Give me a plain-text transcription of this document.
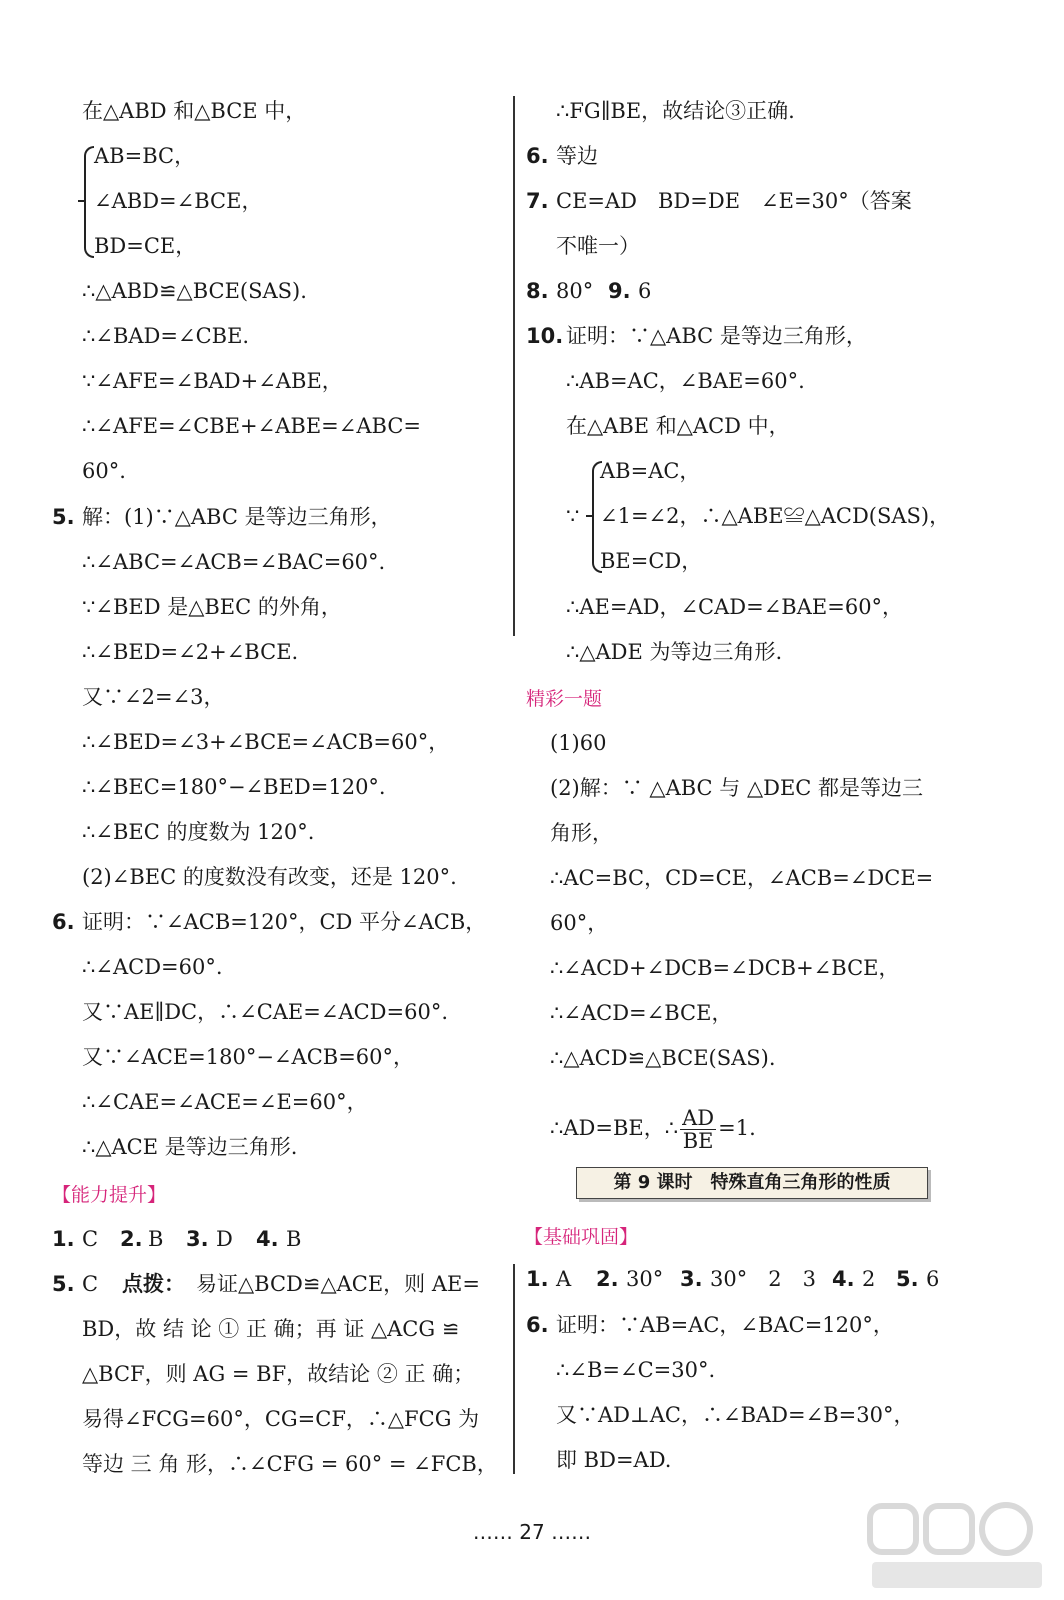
在△ABD 和△BCE 中，
AB=BC，
∠ABD=∠BCE，
BD=CE，
∴△ABD≌△BCE(SAS).
∴∠BAD=∠CBE.
∵∠AFE=∠BAD+∠ABE，
∴∠AFE=∠CBE+∠ABE=∠ABC=
60°.
5. 解：(1)∵△ABC 是等边三角形，
∴∠ABC=∠ACB=∠BAC=60°.
∵∠BED 是△BEC 的外角，
∴∠BED=∠2+∠BCE.
又∵∠2=∠3，
∴∠BED=∠3+∠BCE=∠ACB=60°，
∴∠BEC=180°−∠BED=120°.
∴∠BEC 的度数为 120°.
(2)∠BEC 的度数没有改变，还是 120°.
6. 证明：∵∠ACB=120°，CD 平分∠ACB，
∴∠ACD=60°.
又∵AE∥DC，∴∠CAE=∠ACD=60°.
又∵∠ACE=180°−∠ACB=60°，
∴∠CAE=∠ACE=∠E=60°，
∴△ACE 是等边三角形.
【能力提升】
1. C 2. B 3. D 4. B
5. C 点拨： 易证△BCD≌△ACE，则 AE=
BD，故 结 论 ① 正 确；再 证 △ACG ≌
△BCF，则 AG = BF，故结论 ② 正 确；
易得∠FCG=60°，CG=CF，∴△FCG 为
等边 三 角 形，∴∠CFG = 60° = ∠FCB，
∴FG∥BE，故结论③正确.
6. 等边
7. CE=AD　BD=DE　∠E=30°（答案
不唯一）
8. 80° 9. 6
10. 证明：∵△ABC 是等边三角形，
∴AB=AC，∠BAE=60°.
在△ABE 和△ACD 中，
∵
AB=AC，
∠1=∠2，∴△ABE≌△ACD(SAS)，
BE=CD，
∴AE=AD，∠CAD=∠BAE=60°，
∴△ADE 为等边三角形.
精彩一题
(1)60
(2)解：∵ △ABC 与 △DEC 都是等边三
角形，
∴AC=BC，CD=CE，∠ACB=∠DCE=
60°，
∴∠ACD+∠DCB=∠DCB+∠BCE，
∴∠ACD=∠BCE，
∴△ACD≌△BCE(SAS).
∴AD=BE，∴ $\frac{AD}{BE} =1$.
第 9 课时　特殊直角三角形的性质
【基础巩固】
1. A 2. 30° 3. 30°　2　3 4. 2 5. 6
6. 证明：∵AB=AC，∠BAC=120°，
∴∠B=∠C=30°.
又∵AD⊥AC，∴∠BAD=∠B=30°，
即 BD=AD.
…… 27 ……
